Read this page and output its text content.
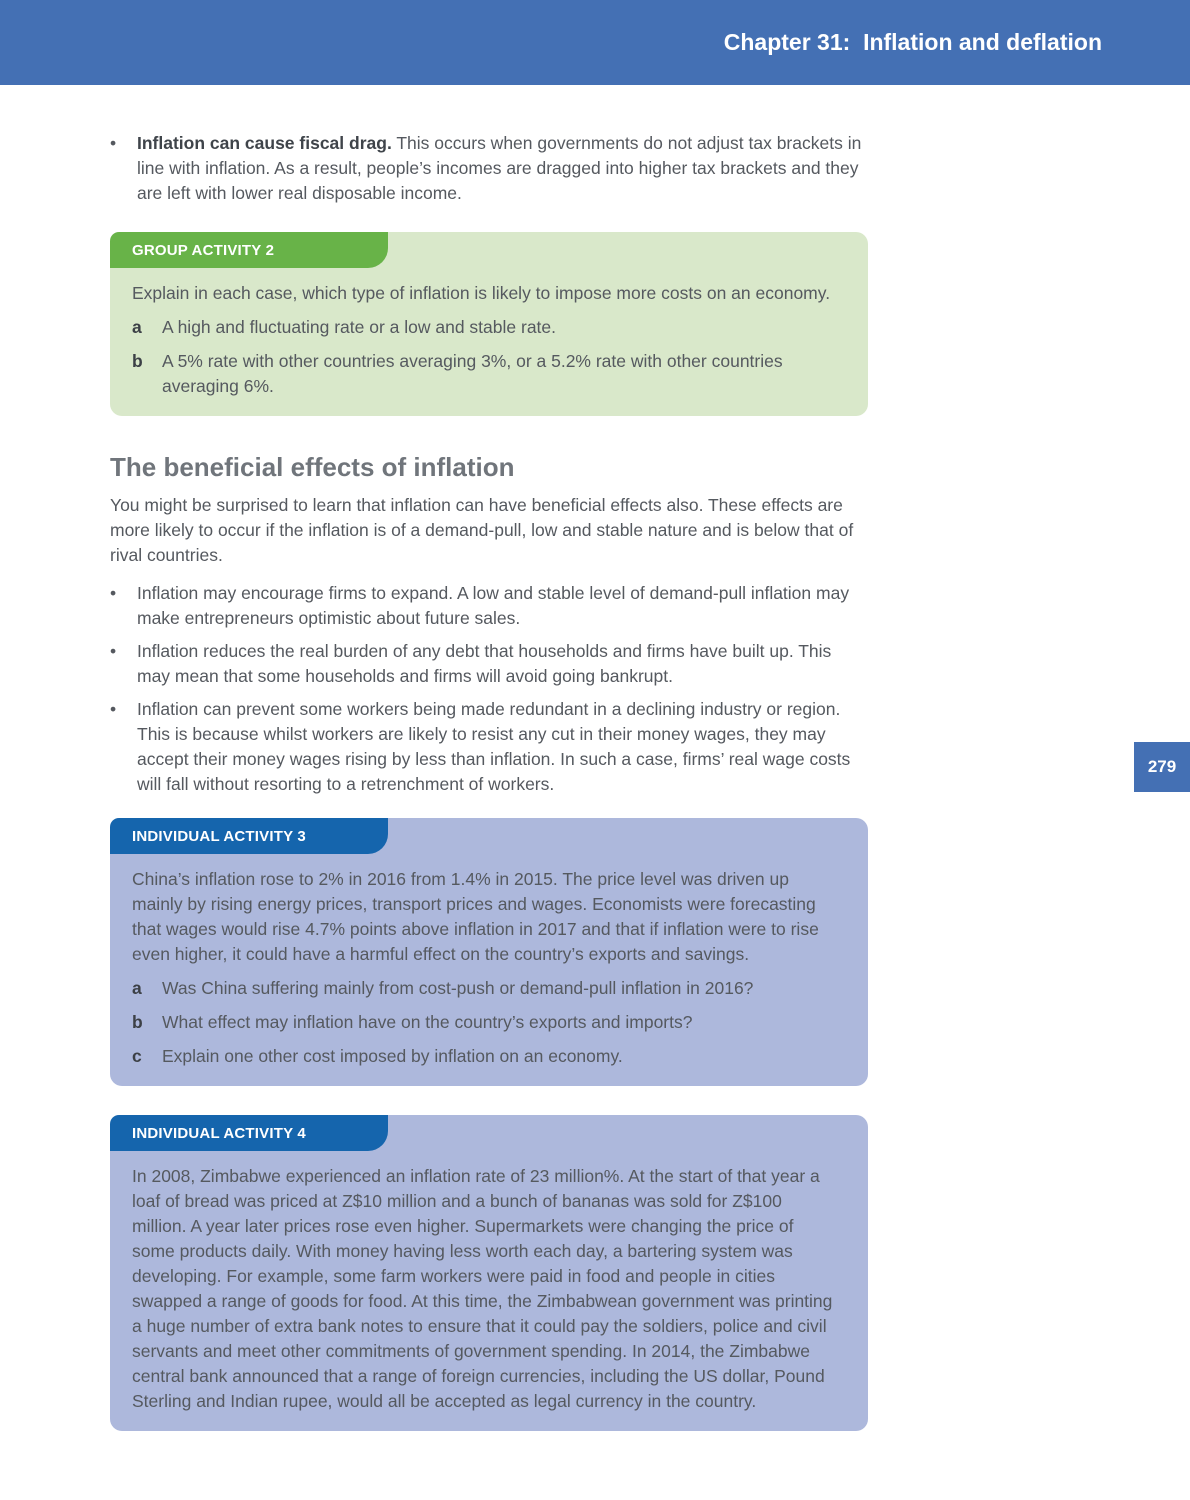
Chapter 31:  Inflation and deflation
279
•
Inflation can cause fiscal drag. This occurs when governments do not adjust tax brackets in line with inflation. As a result, people’s incomes are dragged into higher tax brackets and they are left with lower real disposable income.
GROUP ACTIVITY 2
Explain in each case, which type of inflation is likely to impose more costs on an economy.
a	A high and fluctuating rate or a low and stable rate.
b	A 5% rate with other countries averaging 3%, or a 5.2% rate with other countries averaging 6%.
The beneficial effects of inflation
You might be surprised to learn that inflation can have beneficial effects also. These effects are more likely to occur if the inflation is of a demand-pull, low and stable nature and is below that of rival countries.
•
Inflation may encourage firms to expand. A low and stable level of demand-pull inflation may make entrepreneurs optimistic about future sales.
•
Inflation reduces the real burden of any debt that households and firms have built up. This may mean that some households and firms will avoid going bankrupt.
•
Inflation can prevent some workers being made redundant in a declining industry or region. This is because whilst workers are likely to resist any cut in their money wages, they may accept their money wages rising by less than inflation. In such a case, firms’ real wage costs will fall without resorting to a retrenchment of workers.
INDIVIDUAL ACTIVITY 3
China’s inflation rose to 2% in 2016 from 1.4% in 2015. The price level was driven up mainly by rising energy prices, transport prices and wages. Economists were forecasting that wages would rise 4.7% points above inflation in 2017 and that if inflation were to rise even higher, it could have a harmful effect on the country’s exports and savings.
a	Was China suffering mainly from cost-push or demand-pull inflation in 2016?
b	What effect may inflation have on the country’s exports and imports?
c	Explain one other cost imposed by inflation on an economy.
INDIVIDUAL ACTIVITY 4
In 2008, Zimbabwe experienced an inflation rate of 23 million%. At the start of that year a loaf of bread was priced at Z$10 million and a bunch of bananas was sold for Z$100 million. A year later prices rose even higher. Supermarkets were changing the price of some products daily. With money having less worth each day, a bartering system was developing. For example, some farm workers were paid in food and people in cities swapped a range of goods for food. At this time, the Zimbabwean government was printing a huge number of extra bank notes to ensure that it could pay the soldiers, police and civil servants and meet other commitments of government spending. In 2014, the Zimbabwe central bank announced that a range of foreign currencies, including the US dollar, Pound Sterling and Indian rupee, would all be accepted as legal currency in the country.
